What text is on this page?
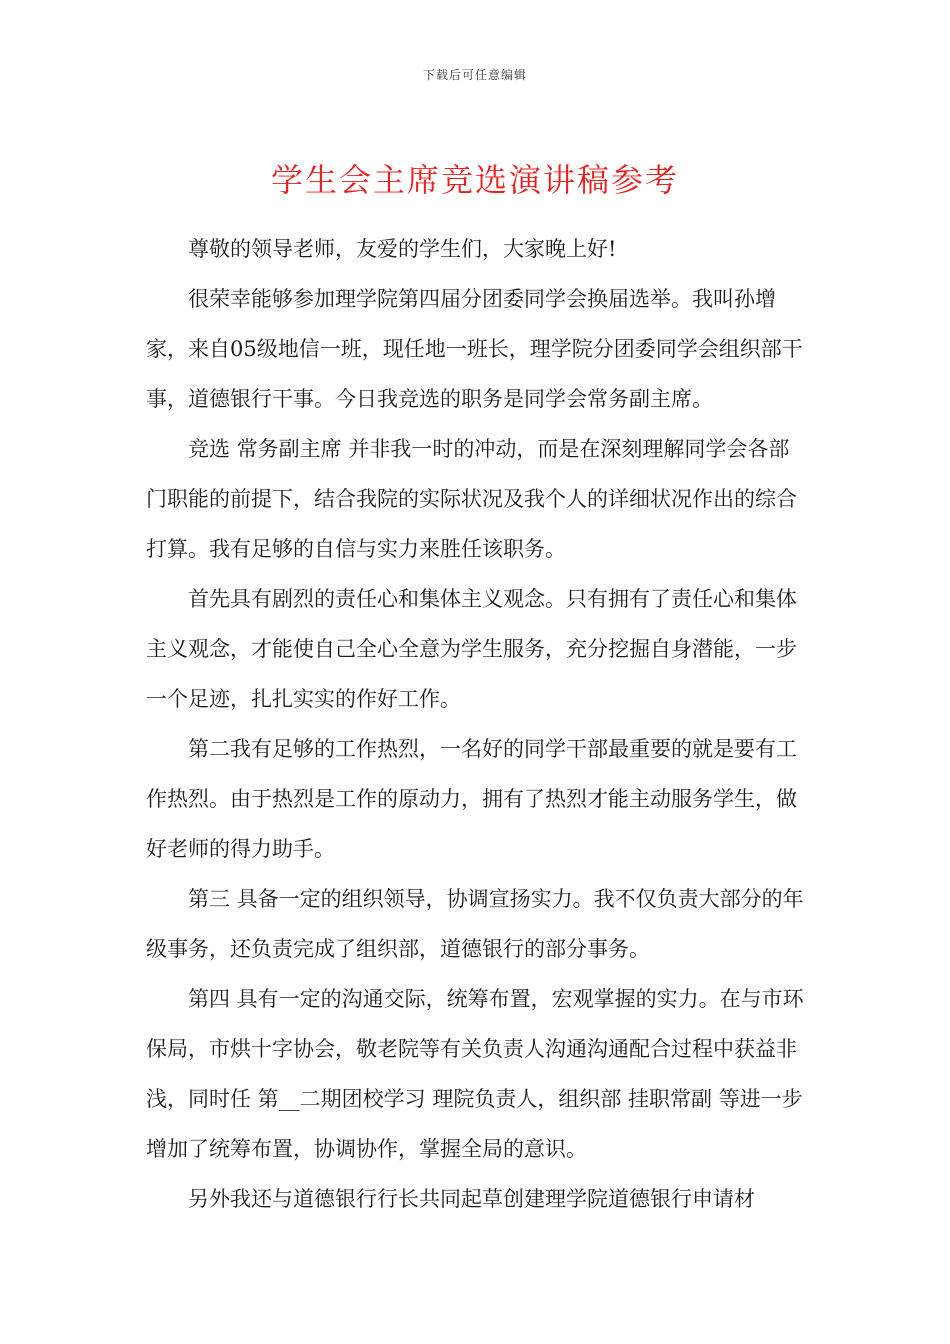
下载后可任意编辑
学生会主席竞选演讲稿参考

尊敬的领导老师，友爱的学生们，大家晚上好!

很荣幸能够参加理学院第四届分团委同学会换届选举。我叫孙增家，来自05级地信一班，现任地一班长，理学院分团委同学会组织部干事，道德银行干事。今日我竞选的职务是同学会常务副主席。

竞选 常务副主席 并非我一时的冲动，而是在深刻理解同学会各部门职能的前提下，结合我院的实际状况及我个人的详细状况作出的综合打算。我有足够的自信与实力来胜任该职务。

首先具有剧烈的责任心和集体主义观念。只有拥有了责任心和集体主义观念，才能使自己全心全意为学生服务，充分挖掘自身潜能，一步一个足迹，扎扎实实的作好工作。

第二我有足够的工作热烈，一名好的同学干部最重要的就是要有工作热烈。由于热烈是工作的原动力，拥有了热烈才能主动服务学生，做好老师的得力助手。

第三 具备一定的组织领导，协调宣扬实力。我不仅负责大部分的年级事务，还负责完成了组织部，道德银行的部分事务。

第四 具有一定的沟通交际，统筹布置，宏观掌握的实力。在与市环保局，市烘十字协会，敬老院等有关负责人沟通沟通配合过程中获益非浅，同时任 第__二期团校学习 理院负责人，组织部 挂职常副 等进一步增加了统筹布置，协调协作，掌握全局的意识。

另外我还与道德银行行长共同起草创建理学院道德银行申请材
